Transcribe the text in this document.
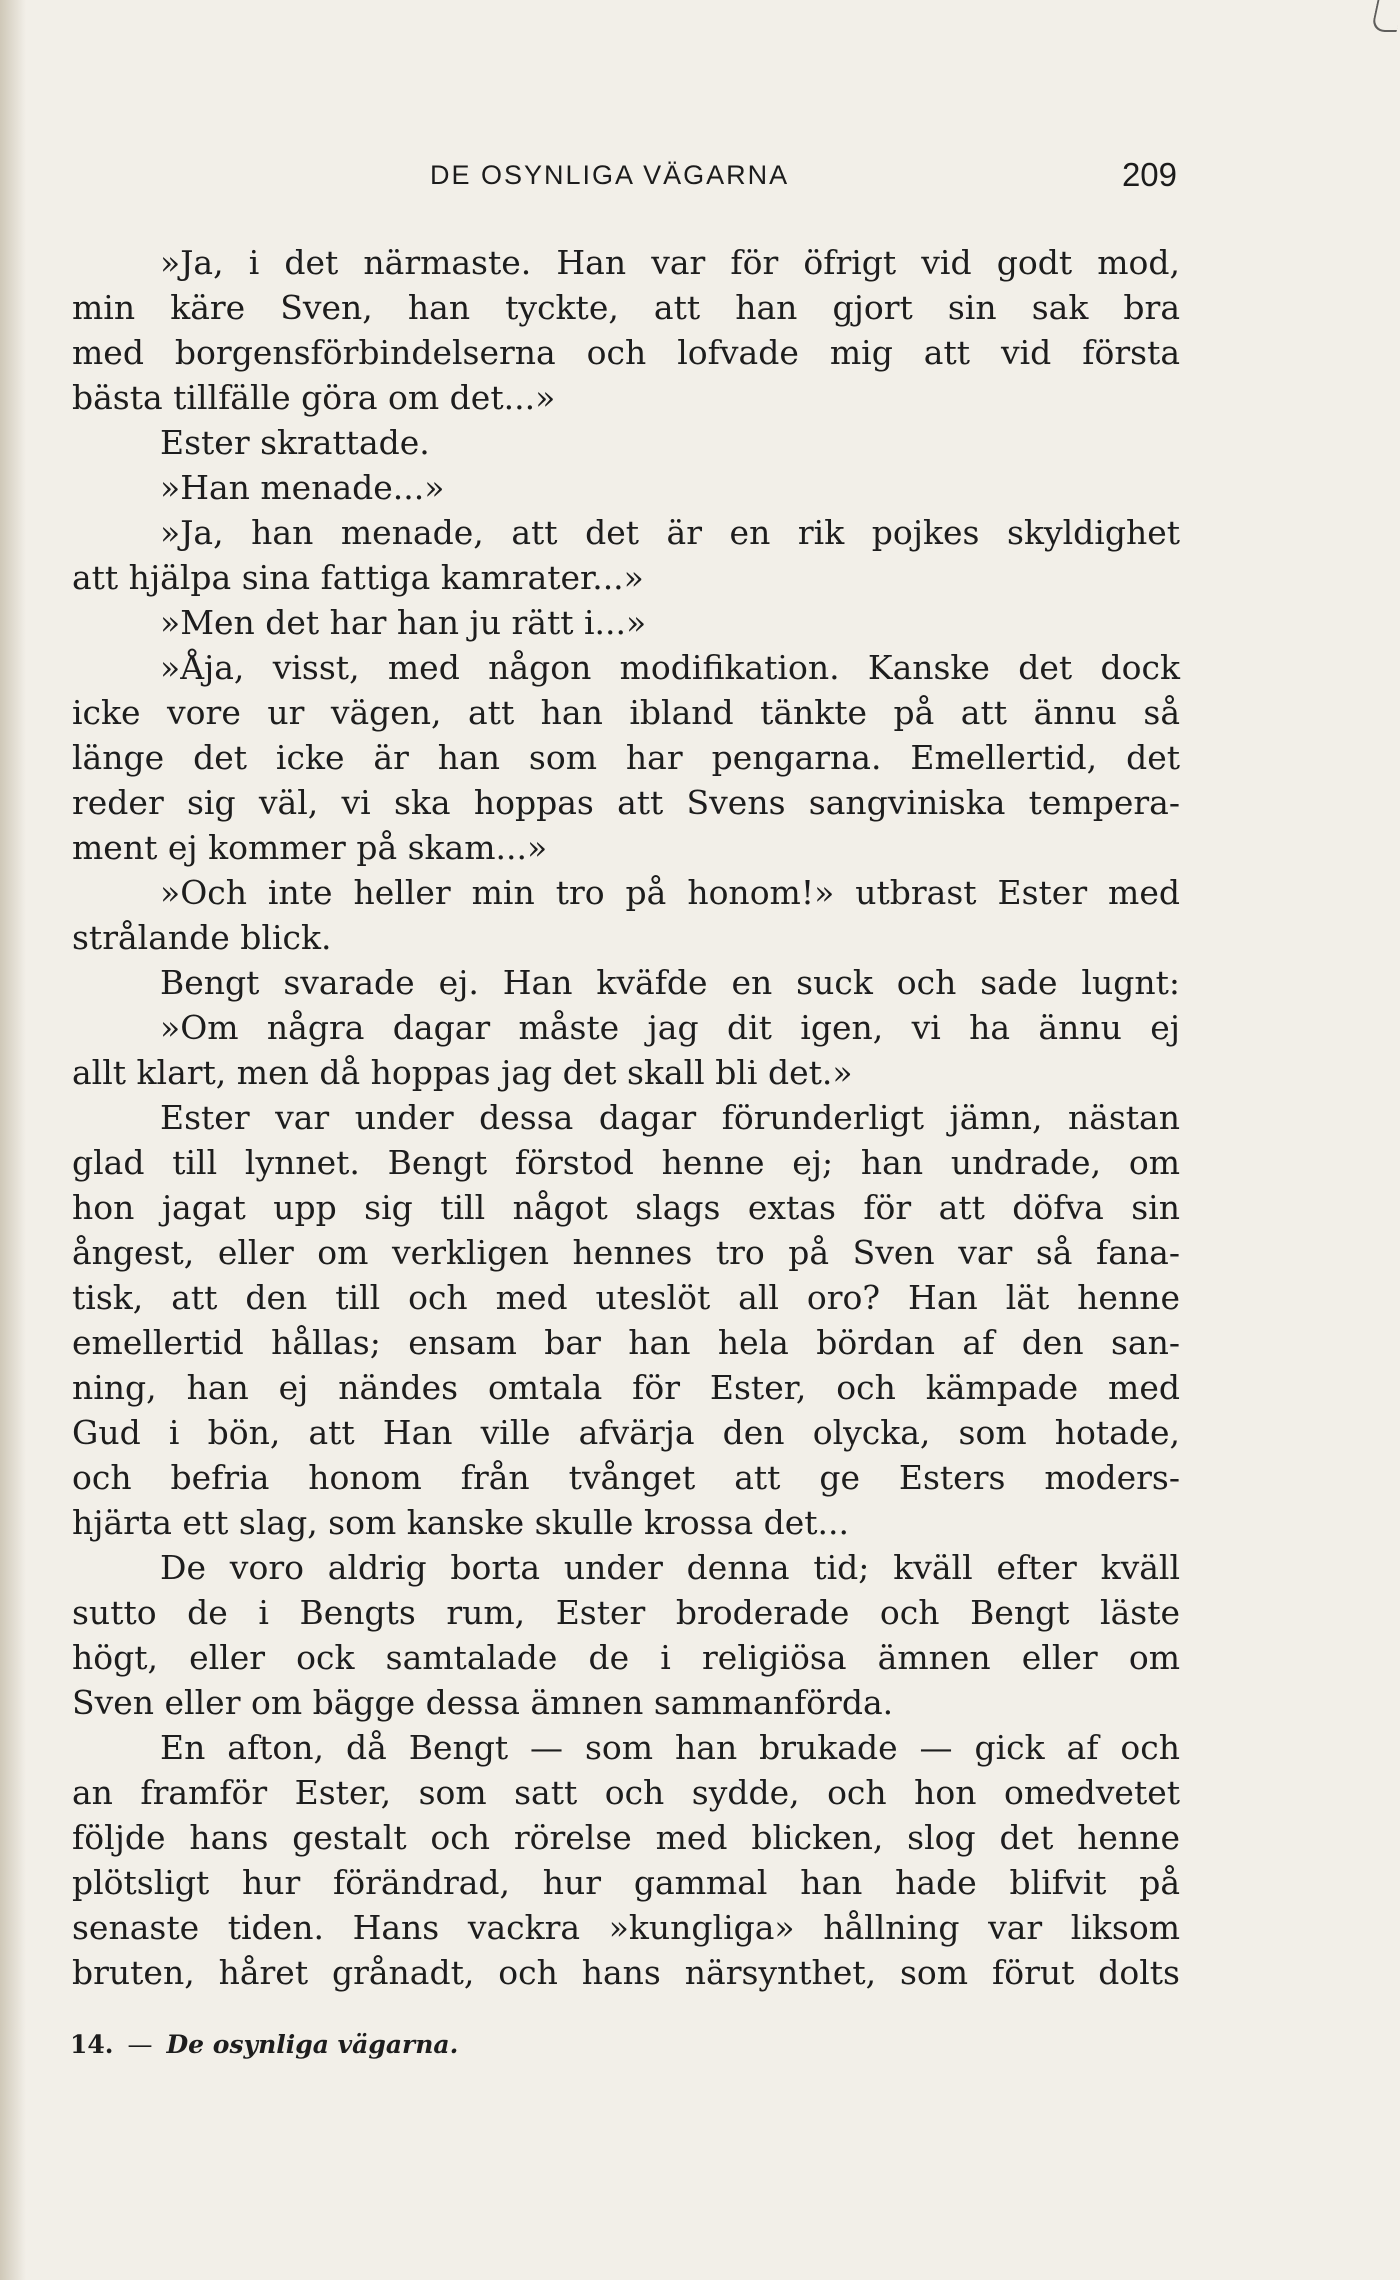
DE OSYNLIGA VÄGARNA	209
»Ja, i det närmaste. Han var för öfrigt vid godt mod,
min käre Sven, han tyckte, att han gjort sin sak bra
med borgensförbindelserna och lofvade mig att vid första
bästa tillfälle göra om det...»
Ester skrattade.
»Han menade...»
»Ja, han menade, att det är en rik pojkes skyldighet
att hjälpa sina fattiga kamrater...»
»Men det har han ju rätt i...»
»Åja, visst, med någon modifikation. Kanske det dock
icke vore ur vägen, att han ibland tänkte på att ännu så
länge det icke är han som har pengarna. Emellertid, det
reder sig väl, vi ska hoppas att Svens sangviniska tempera-
ment ej kommer på skam...»
»Och inte heller min tro på honom!» utbrast Ester med
strålande blick.
Bengt svarade ej. Han kväfde en suck och sade lugnt:
»Om några dagar måste jag dit igen, vi ha ännu ej
allt klart, men då hoppas jag det skall bli det.»
Ester var under dessa dagar förunderligt jämn, nästan
glad till lynnet. Bengt förstod henne ej; han undrade, om
hon jagat upp sig till något slags extas för att döfva sin
ångest, eller om verkligen hennes tro på Sven var så fana-
tisk, att den till och med uteslöt all oro? Han lät henne
emellertid hållas; ensam bar han hela bördan af den san-
ning, han ej nändes omtala för Ester, och kämpade med
Gud i bön, att Han ville afvärja den olycka, som hotade,
och befria honom från tvånget att ge Esters moders-
hjärta ett slag, som kanske skulle krossa det...
De voro aldrig borta under denna tid; kväll efter kväll
sutto de i Bengts rum, Ester broderade och Bengt läste
högt, eller ock samtalade de i religiösa ämnen eller om
Sven eller om bägge dessa ämnen sammanförda.
En afton, då Bengt — som han brukade — gick af och
an framför Ester, som satt och sydde, och hon omedvetet
följde hans gestalt och rörelse med blicken, slog det henne
plötsligt hur förändrad, hur gammal han hade blifvit på
senaste tiden. Hans vackra »kungliga» hållning var liksom
bruten, håret grånadt, och hans närsynthet, som förut dolts
14. — De osynliga vägarna.
